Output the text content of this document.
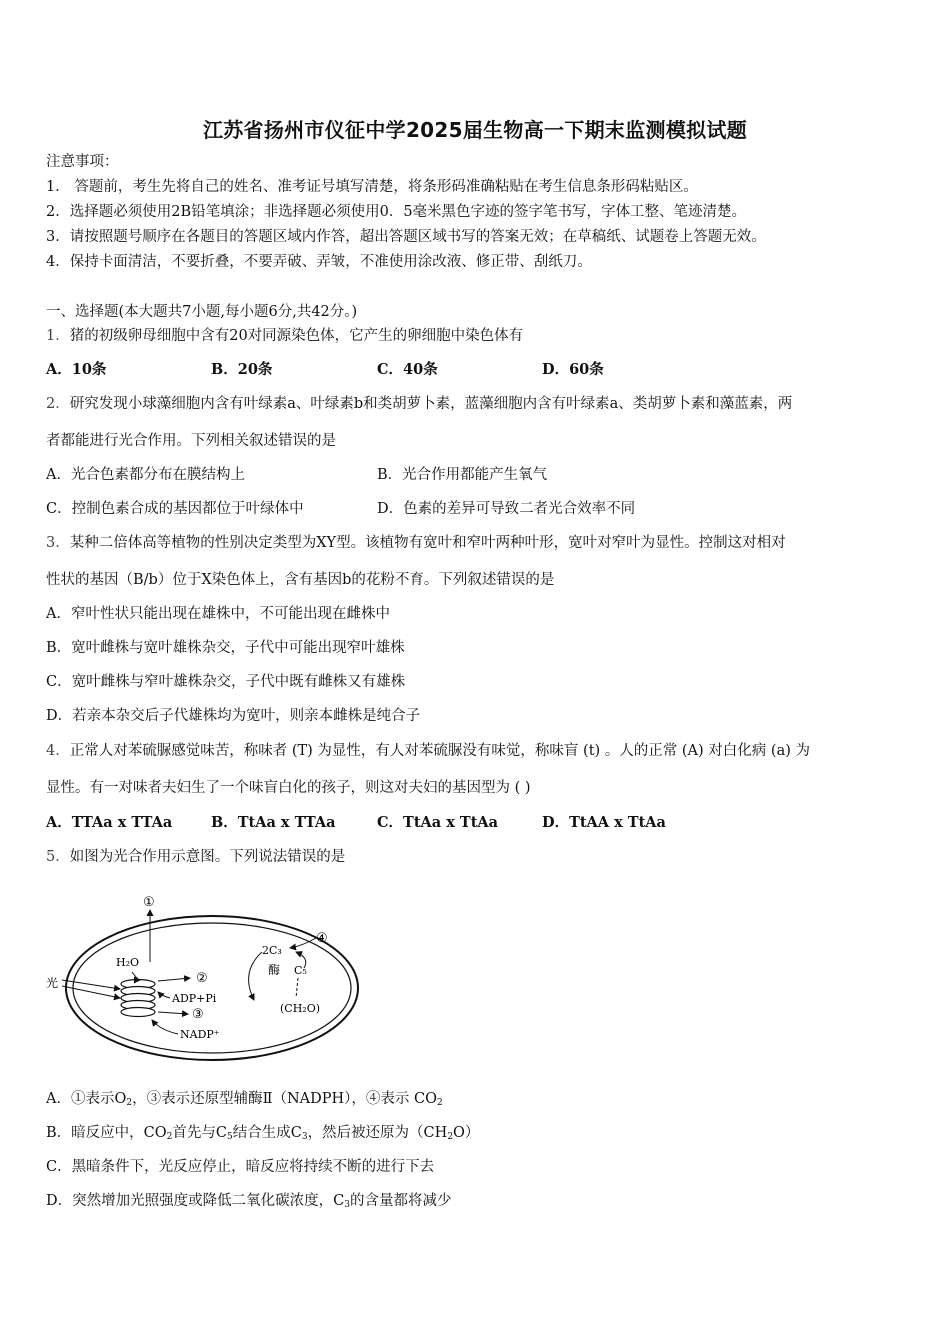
江苏省扬州市仪征中学2025届生物高一下期末监测模拟试题
注意事项：
1． 答题前，考生先将自己的姓名、准考证号填写清楚，将条形码准确粘贴在考生信息条形码粘贴区。
2．选择题必须使用2B铅笔填涂；非选择题必须使用0．5毫米黑色字迹的签字笔书写，字体工整、笔迹清楚。
3．请按照题号顺序在各题目的答题区域内作答，超出答题区域书写的答案无效；在草稿纸、试题卷上答题无效。
4．保持卡面清洁，不要折叠，不要弄破、弄皱，不准使用涂改液、修正带、刮纸刀。
一、选择题(本大题共7小题,每小题6分,共42分。)
1．猪的初级卵母细胞中含有20对同源染色体，它产生的卵细胞中染色体有
A．10条	B．20条	C．40条	D．60条
2．研究发现小球藻细胞内含有叶绿素a、叶绿素b和类胡萝卜素，蓝藻细胞内含有叶绿素a、类胡萝卜素和藻蓝素，两
者都能进行光合作用。下列相关叙述错误的是
A．光合色素都分布在膜结构上	B．光合作用都能产生氧气
C．控制色素合成的基因都位于叶绿体中	D．色素的差异可导致二者光合效率不同
3．某种二倍体高等植物的性别决定类型为XY型。该植物有宽叶和窄叶两种叶形，宽叶对窄叶为显性。控制这对相对
性状的基因（B/b）位于X染色体上，含有基因b的花粉不育。下列叙述错误的是
A．窄叶性状只能出现在雄株中，不可能出现在雌株中
B．宽叶雌株与宽叶雄株杂交，子代中可能出现窄叶雄株
C．宽叶雌株与窄叶雄株杂交，子代中既有雌株又有雄株
D．若亲本杂交后子代雄株均为宽叶，则亲本雌株是纯合子
4．正常人对苯硫脲感觉味苦，称味者 (T) 为显性，有人对苯硫脲没有味觉，称味盲 (t) 。人的正常 (A) 对白化病 (a) 为
显性。有一对味者夫妇生了一个味盲白化的孩子，则这对夫妇的基因型为 ( )
A．TTAa x TTAa	B．TtAa x TTAa	C．TtAa x TtAa	D．TtAA x TtAa
5．如图为光合作用示意图。下列说法错误的是
光
H₂O
①
②
ADP+Pi
③
NADP⁺
2C₃
酶 C₅
(CH₂O)
④
A．①表示$O_2$，③表示还原型辅酶Ⅱ（NADPH），④表示 $CO_2$
B．暗反应中，$CO_2$首先与$C_5$结合生成$C_3$，然后被还原为$(CH_2O)$
C．黑暗条件下，光反应停止，暗反应将持续不断的进行下去
D．突然增加光照强度或降低二氧化碳浓度，$C_3$的含量都将减少
